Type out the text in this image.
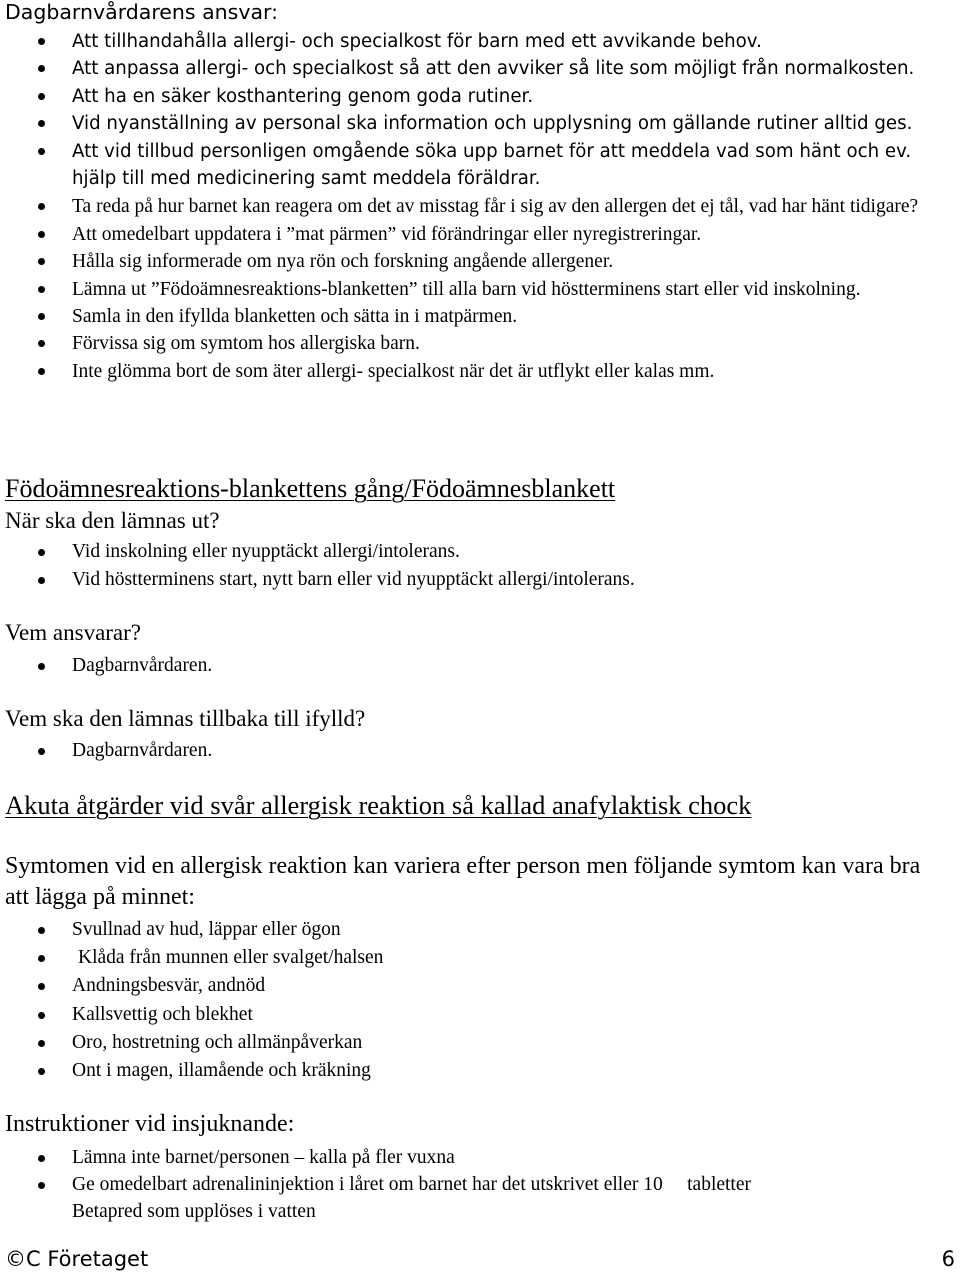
Dagbarnvårdarens ansvar:
Att tillhandahålla allergi- och specialkost för barn med ett avvikande behov.
Att anpassa allergi- och specialkost så att den avviker så lite som möjligt från normalkosten.
Att ha en säker kosthantering genom goda rutiner.
Vid nyanställning av personal ska information och upplysning om gällande rutiner alltid ges.
Att vid tillbud personligen omgående söka upp barnet för att meddela vad som hänt och ev. hjälp till med medicinering samt meddela föräldrar.
Ta reda på hur barnet kan reagera om det av misstag får i sig av den allergen det ej tål, vad har hänt tidigare?
Att omedelbart uppdatera i ”mat pärmen” vid förändringar eller nyregistreringar.
Hålla sig informerade om nya rön och forskning angående allergener.
Lämna ut ”Födoämnesreaktions-blanketten” till alla barn vid höstterminens start eller vid inskolning.
Samla in den ifyllda blanketten och sätta in i matpärmen.
Förvissa sig om symtom hos allergiska barn.
Inte glömma bort de som äter allergi- specialkost när det är utflykt eller kalas mm.
Födoämnesreaktions-blankettens gång/Födoämnesblankett
När ska den lämnas ut?
Vid inskolning eller nyupptäckt allergi/intolerans.
Vid höstterminens start, nytt barn eller vid nyupptäckt allergi/intolerans.
Vem ansvarar?
Dagbarnvårdaren.
Vem ska den lämnas tillbaka till ifylld?
Dagbarnvårdaren.
Akuta åtgärder vid svår allergisk reaktion så kallad anafylaktisk chock
Symtomen vid en allergisk reaktion kan variera efter person men följande symtom kan vara bra att lägga på minnet:
Svullnad av hud, läppar eller ögon
Klåda från munnen eller svalget/halsen
Andningsbesvär, andnöd
Kallsvettig och blekhet
Oro, hostretning och allmänpåverkan
Ont i magen, illamående och kräkning
Instruktioner vid insjuknande:
Lämna inte barnet/personen – kalla på fler vuxna
Ge omedelbart adrenalininjektion i låret om barnet har det utskrivet eller 10     tabletter Betapred som upplöses i vatten
©C Företaget	6
